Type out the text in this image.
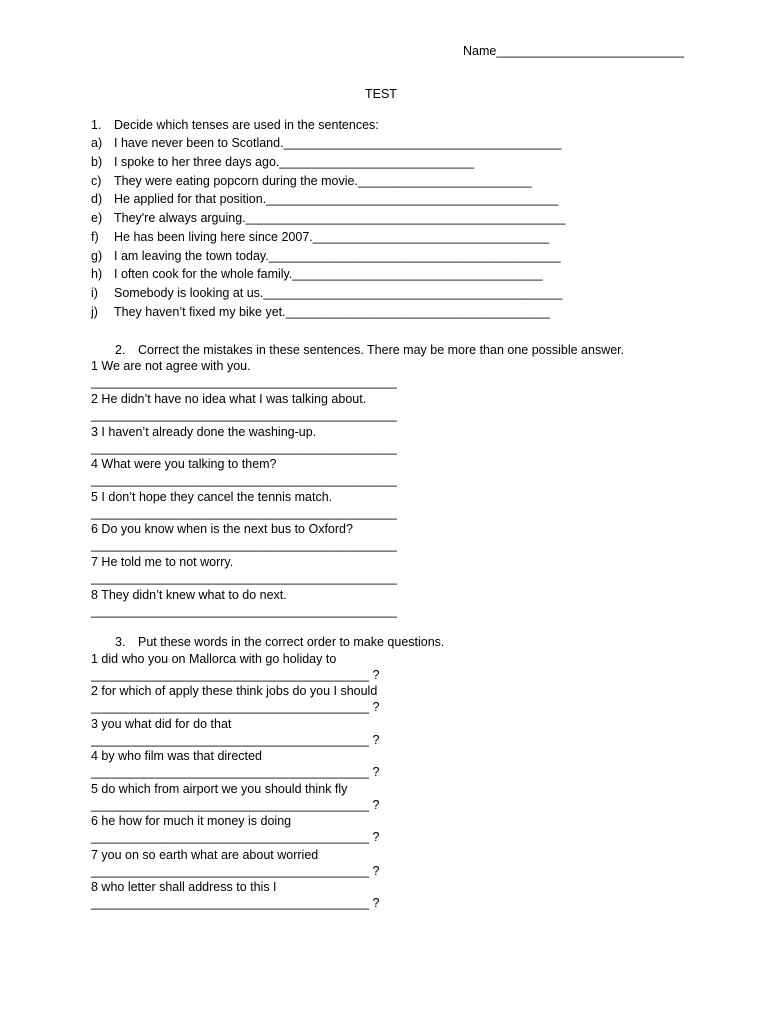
Name___________________________
TEST
1. Decide which tenses are used in the sentences:
a) I have never been to Scotland.________________________________________
b) I spoke to her three days ago.____________________________
c) They were eating popcorn during the movie._________________________
d) He applied for that position.__________________________________________
e) They're always arguing.______________________________________________
f) He has been living here since 2007.__________________________________
g) I am leaving the town today.__________________________________________
h) I often cook for the whole family.____________________________________
i) Somebody is looking at us.___________________________________________
j) They haven’t fixed my bike yet.______________________________________
2. Correct the mistakes in these sentences. There may be more than one possible answer.
1 We are not agree with you.
____________________________________________
2 He didn’t have no idea what I was talking about.
____________________________________________
3 I haven’t already done the washing-up.
____________________________________________
4 What were you talking to them?
____________________________________________
5 I don’t hope they cancel the tennis match.
____________________________________________
6 Do you know when is the next bus to Oxford?
____________________________________________
7 He told me to not worry.
____________________________________________
8 They didn’t knew what to do next.
____________________________________________
3. Put these words in the correct order to make questions.
1 did who you on Mallorca with go holiday to
________________________________________ ?
2 for which of apply these think jobs do you I should
________________________________________ ?
3 you what did for do that
________________________________________ ?
4 by who film was that directed
________________________________________ ?
5 do which from airport we you should think fly
________________________________________ ?
6 he how for much it money is doing
________________________________________ ?
7 you on so earth what are about worried
________________________________________ ?
8 who letter shall address to this I
________________________________________ ?
